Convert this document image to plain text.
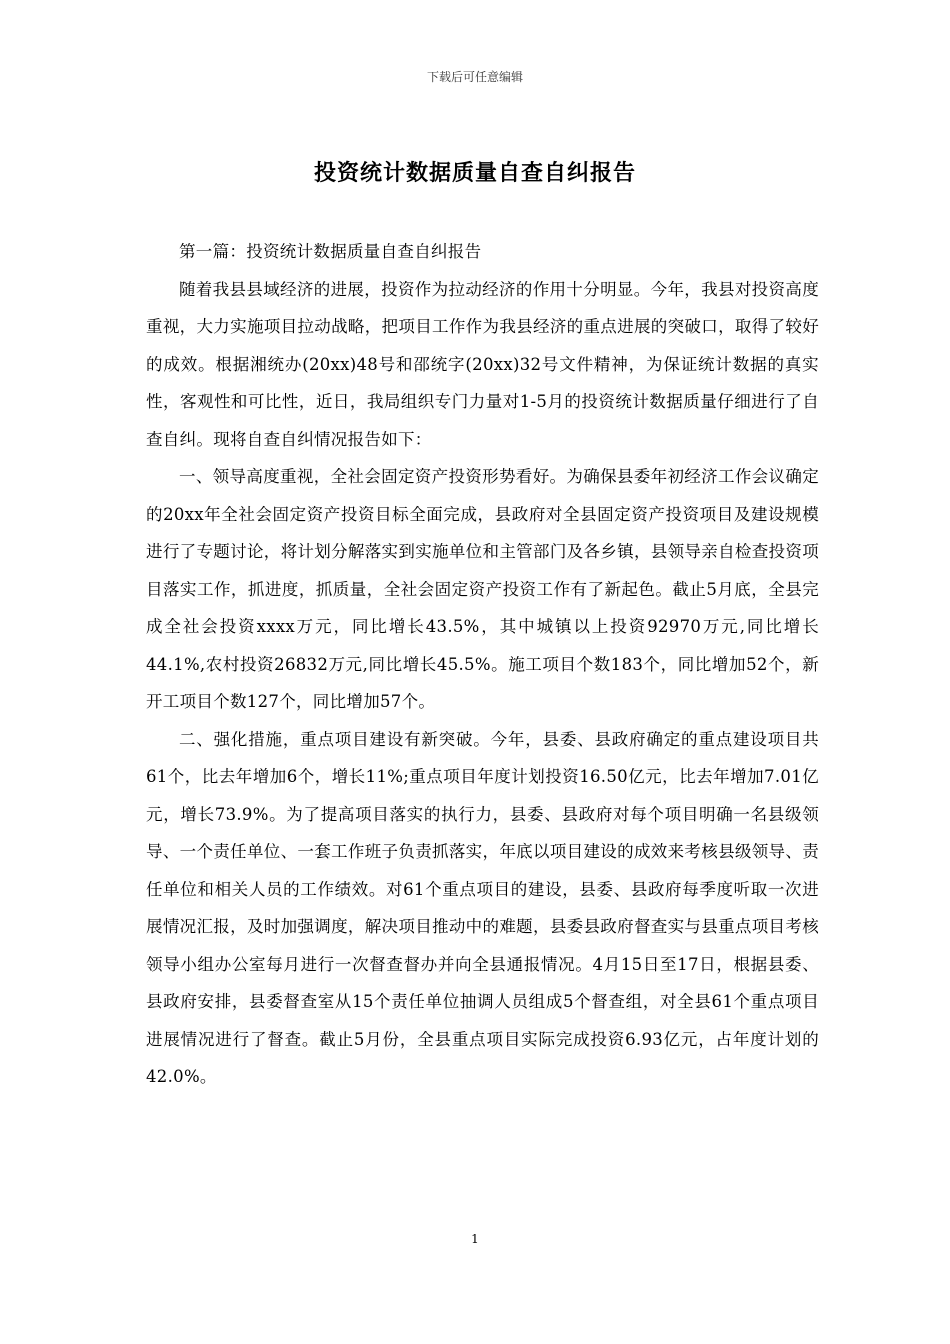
下载后可任意编辑
投资统计数据质量自查自纠报告

第一篇：投资统计数据质量自查自纠报告

随着我县县域经济的进展，投资作为拉动经济的作用十分明显。今年，我县对投资高度重视，大力实施项目拉动战略，把项目工作作为我县经济的重点进展的突破口，取得了较好的成效。根据湘统办(20xx)48号和邵统字(20xx)32号文件精神，为保证统计数据的真实性，客观性和可比性，近日，我局组织专门力量对1-5月的投资统计数据质量仔细进行了自查自纠。现将自查自纠情况报告如下：

一、领导高度重视，全社会固定资产投资形势看好。为确保县委年初经济工作会议确定的20xx年全社会固定资产投资目标全面完成，县政府对全县固定资产投资项目及建设规模进行了专题讨论，将计划分解落实到实施单位和主管部门及各乡镇，县领导亲自检查投资项目落实工作，抓进度，抓质量，全社会固定资产投资工作有了新起色。截止5月底，全县完成全社会投资xxxx万元，同比增长43.5%，其中城镇以上投资92970万元,同比增长44.1%,农村投资26832万元,同比增长45.5%。施工项目个数183个，同比增加52个，新开工项目个数127个，同比增加57个。

二、强化措施，重点项目建设有新突破。今年，县委、县政府确定的重点建设项目共61个，比去年增加6个，增长11%;重点项目年度计划投资16.50亿元，比去年增加7.01亿元，增长73.9%。为了提高项目落实的执行力，县委、县政府对每个项目明确一名县级领导、一个责任单位、一套工作班子负责抓落实，年底以项目建设的成效来考核县级领导、责任单位和相关人员的工作绩效。对61个重点项目的建设，县委、县政府每季度听取一次进展情况汇报，及时加强调度，解决项目推动中的难题，县委县政府督查实与县重点项目考核领导小组办公室每月进行一次督查督办并向全县通报情况。4月15日至17日，根据县委、县政府安排，县委督查室从15个责任单位抽调人员组成5个督查组，对全县61个重点项目进展情况进行了督查。截止5月份，全县重点项目实际完成投资6.93亿元，占年度计划的42.0%。

1
